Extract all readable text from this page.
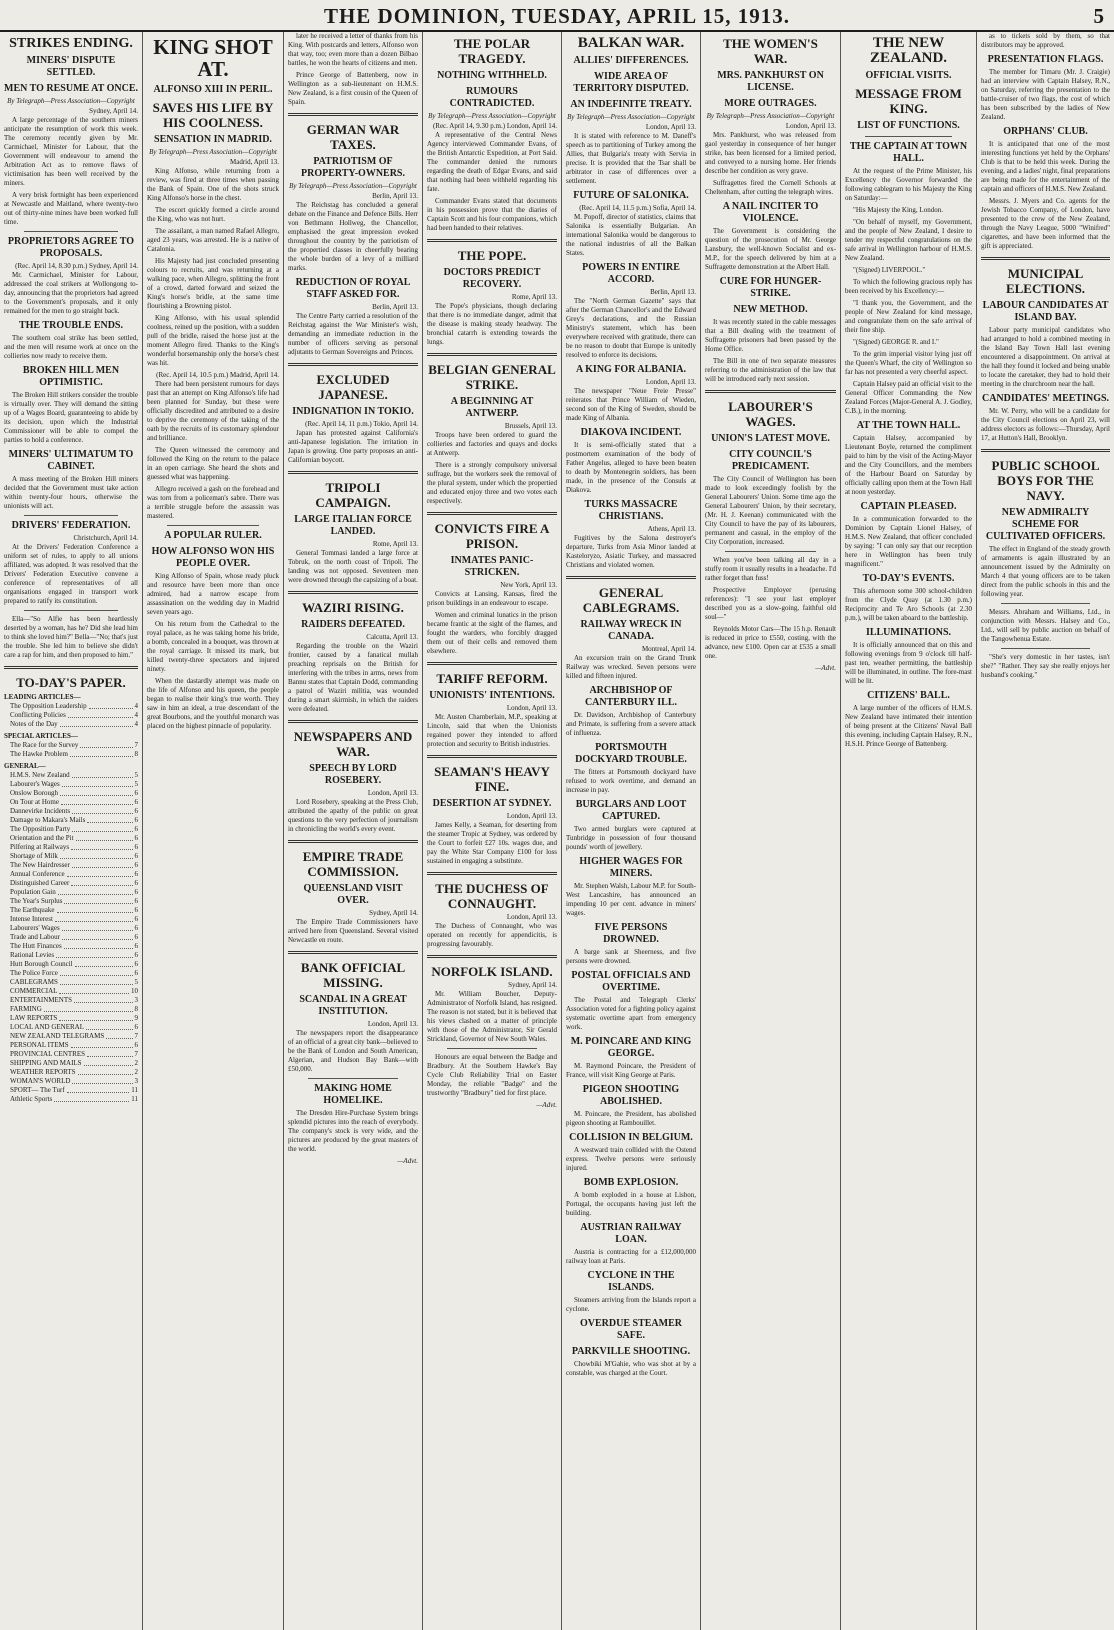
THE DOMINION, TUESDAY, APRIL 15, 1913.	5
STRIKES ENDING.
MINERS' DISPUTE SETTLED.
MEN TO RESUME AT ONCE.
By Telegraph—Press Association—Copyright
Sydney, April 14.

A large percentage of the southern miners anticipate the resumption of work this week. The ceremony recently given by Mr. Carmichael, Minister for Labour, that the Government will endeavour to amend the Arbitration Act as to remove flaws of victimisation has been well received by the miners.

A very brisk fortnight has been experienced at Newcastle and Maitland, where twenty-two out of thirty-nine mines have been worked full time.

PROPRIETORS AGREE TO PROPOSALS.
(Rec. April 14, 8.30 p.m.) Sydney, April 14.

Mr. Carmichael, Minister for Labour, addressed the coal strikers at Wollongong to-day, announcing that the proprietors had agreed to the Government's proposals, and it only remained for the men to go straight back.

THE TROUBLE ENDS.

The southern coal strike has been settled, and the men will resume work at once on the collieries now ready to receive them.

BROKEN HILL MEN OPTIMISTIC.

The Broken Hill strikers consider the trouble is virtually over. They will demand the sitting up of a Wages Board, guaranteeing to abide by its decision, upon which the Industrial Commissioner will be able to compel the parties to hold a conference.

MINERS' ULTIMATUM TO CABINET.

A mass meeting of the Broken Hill miners decided that the Government must take action within twenty-four hours, otherwise the unionists will act.

DRIVERS' FEDERATION.
Christchurch, April 14.

At the Drivers' Federation Conference a uniform set of rules, to apply to all unions affiliated, was adopted. It was resolved that the Drivers' Federation Executive convene a conference of representatives of all organisations engaged in transport work prepared to ratify its constitution.

Ella—"So Alfie has been heartlessly deserted by a woman, has he? Did she lead him to think she loved him?" Bella—"No; that's just the trouble. She led him to believe she didn't care a rap for him, and then proposed to him."

TO-DAY'S PAPER.
LEADING ARTICLES—
The Opposition Leadership	4
Conflicting Policies	4
Notes of the Day	4
SPECIAL ARTICLES—
The Race for the Survey	7
The Hawke Problem	8
GENERAL—
H.M.S. New Zealand	5
Labourer's Wages	5
Onslow Borough	6
On Tour at Home	6
Dannevirke Incidents	6
Damage to Makara's Mails	6
The Opposition Party	6
Orientation and the Pit	6
Pilfering at Railways	6
Shortage of Milk	6
The New Hairdresser	6
Annual Conference	6
Distinguished Career	6
Population Gain	6
The Year's Surplus	6
The Earthquake	6
Intense Interest	6
Labourers' Wages	6
Trade and Labour	6
The Hutt Finances	6
Rational Levies	6
Hutt Borough Council	6
The Police Force	6
CABLEGRAMS	5
COMMERCIAL	10
ENTERTAINMENTS	3
FARMING	8
LAW REPORTS	9
LOCAL AND GENERAL	6
NEW ZEALAND TELEGRAMS	7
PERSONAL ITEMS	6
PROVINCIAL CENTRES	7
SHIPPING AND MAILS	2
WEATHER REPORTS	2
WOMAN'S WORLD	3
SPORT— The Turf	11
Athletic Sports	11
KING SHOT AT.
ALFONSO XIII IN PERIL.
SAVES HIS LIFE BY HIS COOLNESS.
SENSATION IN MADRID.
By Telegraph—Press Association—Copyright
Madrid, April 13.

King Alfonso, while returning from a review, was fired at three times when passing the Bank of Spain. One of the shots struck King Alfonso's horse in the chest.

The escort quickly formed a circle around the King, who was not hurt.

The assailant, a man named Rafael Allegro, aged 23 years, was arrested. He is a native of Catalonia.

His Majesty had just concluded presenting colours to recruits, and was returning at a walking pace, when Allegro, splitting the front of a crowd, darted forward and seized the King's horse's bridle, at the same time flourishing a Browning pistol.

King Alfonso, with his usual splendid coolness, reined up the position, with a sudden pull of the bridle, raised the horse just at the moment Allegro fired. Thanks to the King's wonderful horsemanship only the horse's chest was hit.

(Rec. April 14, 10.5 p.m.) Madrid, April 14.

There had been persistent rumours for days past that an attempt on King Alfonso's life had been planned for Sunday, but these were officially discredited and attributed to a desire to deprive the ceremony of the taking of the oath by the recruits of its customary splendour and brilliance.

The Queen witnessed the ceremony and followed the King on the return to the palace in an open carriage. She heard the shots and guessed what was happening.

Allegro received a gash on the forehead and was torn from a policeman's sabre. There was a terrible struggle before the assassin was mastered.

A POPULAR RULER.
HOW ALFONSO WON HIS PEOPLE OVER.

King Alfonso of Spain, whose ready pluck and resource have been more than once admired, had a narrow escape from assassination on the wedding day in Madrid seven years ago.

On his return from the Cathedral to the royal palace, as he was taking home his bride, a bomb, concealed in a bouquet, was thrown at the royal carriage. It missed its mark, but killed twenty-three spectators and injured ninety.

When the dastardly attempt was made on the life of Alfonso and his queen, the people began to realise their king's true worth. They saw in him an ideal, a true descendant of the great Bourbons, and the youthful monarch was placed on the highest pinnacle of popularity.

later he received a letter of thanks from his King. With postcards and letters, Alfonso won that way, too; even more than a dozen Bilbao battles, he won the hearts of citizens and men.

Prince George of Battenberg, now in Wellington as a sub-lieutenant on H.M.S. New Zealand, is a first cousin of the Queen of Spain.

GERMAN WAR TAXES.
PATRIOTISM OF PROPERTY-OWNERS.
By Telegraph—Press Association—Copyright
Berlin, April 13.

The Reichstag has concluded a general debate on the Finance and Defence Bills. Herr von Bethmann Hollweg, the Chancellor, emphasised the great impression evoked throughout the country by the patriotism of the propertied classes in cheerfully bearing the whole burden of a levy of a milliard marks.

REDUCTION OF ROYAL STAFF ASKED FOR.
Berlin, April 13.

The Centre Party carried a resolution of the Reichstag against the War Minister's wish, demanding an immediate reduction in the number of officers serving as personal adjutants to German Sovereigns and Princes.

EXCLUDED JAPANESE.
INDIGNATION IN TOKIO.
(Rec. April 14, 11 p.m.) Tokio, April 14.

Japan has protested against California's anti-Japanese legislation. The irritation in Japan is growing. One party proposes an anti-Californian boycott.

TRIPOLI CAMPAIGN.
LARGE ITALIAN FORCE LANDED.
Rome, April 13.

General Tommasi landed a large force at Tobruk, on the north coast of Tripoli. The landing was not opposed. Seventeen men were drowned through the capsizing of a boat.

WAZIRI RISING.
RAIDERS DEFEATED.
Calcutta, April 13.

Regarding the trouble on the Waziri frontier, caused by a fanatical mullah preaching reprisals on the British for interfering with the tribes in arms, news from Bannu states that Captain Dodd, commanding a patrol of Waziri militia, was wounded during a smart skirmish, in which the raiders were defeated.

NEWSPAPERS AND WAR.
SPEECH BY LORD ROSEBERY.
London, April 13.

Lord Rosebery, speaking at the Press Club, attributed the apathy of the public on great questions to the very perfection of journalism in chronicling the world's every event.

EMPIRE TRADE COMMISSION.
QUEENSLAND VISIT OVER.
Sydney, April 14.

The Empire Trade Commissioners have arrived here from Queensland. Several visited Newcastle en route.

BANK OFFICIAL MISSING.
SCANDAL IN A GREAT INSTITUTION.
London, April 13.

The newspapers report the disappearance of an official of a great city bank—believed to be the Bank of London and South American, Algerian, and Hudson Bay Bank—with £50,000.

MAKING HOME HOMELIKE.

The Dresden Hire-Purchase System brings splendid pictures into the reach of everybody. The company's stock is very wide, and the pictures are produced by the great masters of the world.

—Advt.
THE POLAR TRAGEDY.
NOTHING WITHHELD.
RUMOURS CONTRADICTED.
By Telegraph—Press Association—Copyright
(Rec. April 14, 9.30 p.m.) London, April 14.

A representative of the Central News Agency interviewed Commander Evans, of the British Antarctic Expedition, at Port Said. The commander denied the rumours regarding the death of Edgar Evans, and said that nothing had been withheld regarding his fate.

Commander Evans stated that documents in his possession prove that the diaries of Captain Scott and his four companions, which had been handed to their relatives.

THE POPE.
DOCTORS PREDICT RECOVERY.
Rome, April 13.

The Pope's physicians, though declaring that there is no immediate danger, admit that the disease is making steady headway. The bronchial catarrh is extending towards the lungs.

BELGIAN GENERAL STRIKE.
A BEGINNING AT ANTWERP.
Brussels, April 13.

Troops have been ordered to guard the collieries and factories and quays and docks at Antwerp.

There is a strongly compulsory universal suffrage, but the workers seek the removal of the plural system, under which the propertied and educated enjoy three and two votes each respectively.

CONVICTS FIRE A PRISON.
INMATES PANIC-STRICKEN.
New York, April 13.

Convicts at Lansing, Kansas, fired the prison buildings in an endeavour to escape.

Women and criminal lunatics in the prison became frantic at the sight of the flames, and fought the warders, who forcibly dragged them out of their cells and removed them elsewhere.

TARIFF REFORM.
UNIONISTS' INTENTIONS.
London, April 13.

Mr. Austen Chamberlain, M.P., speaking at Lincoln, said that when the Unionists regained power they intended to afford protection and security to British industries.

SEAMAN'S HEAVY FINE.
DESERTION AT SYDNEY.
London, April 13.

James Kelly, a Seaman, for deserting from the steamer Tropic at Sydney, was ordered by the Court to forfeit £27 10s. wages due, and pay the White Star Company £100 for loss sustained in engaging a substitute.

THE DUCHESS OF CONNAUGHT.
London, April 13.

The Duchess of Connaught, who was operated on recently for appendicitis, is progressing favourably.

NORFOLK ISLAND.
Sydney, April 14.

Mr. William Boucher, Deputy-Administrator of Norfolk Island, has resigned. The reason is not stated, but it is believed that his views clashed on a matter of principle with those of the Administrator, Sir Gerald Strickland, Governor of New South Wales.

Honours are equal between the Badge and Bradbury. At the Southern Hawke's Bay Cycle Club Reliability Trial on Easter Monday, the reliable "Badge" and the trustworthy "Bradbury" tied for first place.

—Advt.
BALKAN WAR.
ALLIES' DIFFERENCES.
WIDE AREA OF TERRITORY DISPUTED.
AN INDEFINITE TREATY.
By Telegraph—Press Association—Copyright
London, April 13.

It is stated with reference to M. Daneff's speech as to partitioning of Turkey among the Allies, that Bulgaria's treaty with Servia in precise. It is provided that the Tsar shall be arbitrator in case of differences over a settlement.

FUTURE OF SALONIKA.
(Rec. April 14, 11.5 p.m.) Sofia, April 14.

M. Popoff, director of statistics, claims that Salonika is essentially Bulgarian. An international Salonika would be dangerous to the national industries of all the Balkan States.

POWERS IN ENTIRE ACCORD.
Berlin, April 13.

The "North German Gazette" says that after the German Chancellor's and the Edward Grey's declarations, and the Russian Ministry's statement, which has been everywhere received with gratitude, there can be no reason to doubt that Europe is unitedly resolved to enforce its decisions.

A KING FOR ALBANIA.
London, April 13.

The newspaper "Neue Freie Presse" reiterates that Prince William of Wieden, second son of the King of Sweden, should be made King of Albania.

DIAKOVA INCIDENT.

It is semi-officially stated that a postmortem examination of the body of Father Angelus, alleged to have been beaten to death by Montenegrin soldiers, has been made, in the presence of the Consuls at Diakova.

TURKS MASSACRE CHRISTIANS.
Athens, April 13.

Fugitives by the Salona destroyer's departure, Turks from Asia Minor landed at Kasteloryzo, Asiatic Turkey, and massacred Christians and violated women.

GENERAL CABLEGRAMS.
RAILWAY WRECK IN CANADA.
Montreal, April 14.

An excursion train on the Grand Trunk Railway was wrecked. Seven persons were killed and fifteen injured.

ARCHBISHOP OF CANTERBURY ILL.

Dr. Davidson, Archbishop of Canterbury and Primate, is suffering from a severe attack of influenza.

PORTSMOUTH DOCKYARD TROUBLE.

The fitters at Portsmouth dockyard have refused to work overtime, and demand an increase in pay.

BURGLARS AND LOOT CAPTURED.

Two armed burglars were captured at Tunbridge in possession of four thousand pounds' worth of jewellery.

HIGHER WAGES FOR MINERS.

Mr. Stephen Walsh, Labour M.P. for South-West Lancashire, has announced an impending 10 per cent. advance in miners' wages.

FIVE PERSONS DROWNED.

A barge sank at Sheerness, and five persons were drowned.

POSTAL OFFICIALS AND OVERTIME.

The Postal and Telegraph Clerks' Association voted for a fighting policy against systematic overtime apart from emergency work.

M. POINCARE AND KING GEORGE.

M. Raymond Poincare, the President of France, will visit King George at Paris.

PIGEON SHOOTING ABOLISHED.

M. Poincare, the President, has abolished pigeon shooting at Rambouillet.

COLLISION IN BELGIUM.

A westward train collided with the Ostend express. Twelve persons were seriously injured.

BOMB EXPLOSION.

A bomb exploded in a house at Lisbon, Portugal, the occupants having just left the building.

AUSTRIAN RAILWAY LOAN.

Austria is contracting for a £12,000,000 railway loan at Paris.

CYCLONE IN THE ISLANDS.

Steamers arriving from the Islands report a cyclone.

OVERDUE STEAMER SAFE.
PARKVILLE SHOOTING.

Chowbiki M'Gahie, who was shot at by a constable, was charged at the Court.

THE WOMEN'S WAR.
MRS. PANKHURST ON LICENSE.
MORE OUTRAGES.
By Telegraph—Press Association—Copyright
London, April 13.

Mrs. Pankhurst, who was released from gaol yesterday in consequence of her hunger strike, has been licensed for a limited period, and conveyed to a nursing home. Her friends describe her condition as very grave.

Suffragettes fired the Cornell Schools at Cheltenham, after cutting the telegraph wires.

A NAIL INCITER TO VIOLENCE.

The Government is considering the question of the prosecution of Mr. George Lansbury, the well-known Socialist and ex-M.P., for the speech delivered by him at a Suffragette demonstration at the Albert Hall.

CURE FOR HUNGER-STRIKE.
NEW METHOD.

It was recently stated in the cable messages that a Bill dealing with the treatment of Suffragette prisoners had been passed by the Home Office.

The Bill in one of two separate measures referring to the administration of the law that will be introduced early next session.

LABOURER'S WAGES.
UNION'S LATEST MOVE.
CITY COUNCIL'S PREDICAMENT.

The City Council of Wellington has been made to look exceedingly foolish by the General Labourers' Union. Some time ago the General Labourers' Union, by their secretary, (Mr. H. J. Keenan) communicated with the City Council to have the pay of its labourers, permanent and casual, in the employ of the City Corporation, increased.

When you've been talking all day in a stuffy room it usually results in a headache. I'd rather forget than fuss!

Prospective Employer (perusing references): "I see your last employer described you as a slow-going, faithful old soul—"

Reynolds Motor Cars—The 15 h.p. Renault is reduced in price to £550, costing, with the advance, new £100. Open car at £535 a small one.

—Advt.
THE NEW ZEALAND.
OFFICIAL VISITS.
MESSAGE FROM KING.
LIST OF FUNCTIONS.
THE CAPTAIN AT TOWN HALL.

At the request of the Prime Minister, his Excellency the Governor forwarded the following cablegram to his Majesty the King on Saturday:—

"His Majesty the King, London.

"On behalf of myself, my Government, and the people of New Zealand, I desire to tender my respectful congratulations on the safe arrival in Wellington harbour of H.M.S. New Zealand.

"(Signed) LIVERPOOL."

To which the following gracious reply has been received by his Excellency:—

"I thank you, the Government, and the people of New Zealand for kind message, and congratulate them on the safe arrival of their fine ship.

"(Signed) GEORGE R. and I."

To the grim imperial visitor lying just off the Queen's Wharf, the city of Wellington so far has not presented a very cheerful aspect.

Captain Halsey paid an official visit to the General Officer Commanding the New Zealand Forces (Major-General A. J. Godley, C.B.), in the morning.

AT THE TOWN HALL.

Captain Halsey, accompanied by Lieutenant Boyle, returned the compliment paid to him by the visit of the Acting-Mayor and the City Councillors, and the members of the Harbour Board on Saturday by officially calling upon them at the Town Hall at noon yesterday.

CAPTAIN PLEASED.

In a communication forwarded to the Dominion by Captain Lionel Halsey, of H.M.S. New Zealand, that officer concluded by saying: "I can only say that our reception here in Wellington has been truly magnificent."

TO-DAY'S EVENTS.

This afternoon some 300 school-children from the Clyde Quay (at 1.30 p.m.) Reciprocity and Te Aro Schools (at 2.30 p.m.), will be taken aboard to the battleship.

ILLUMINATIONS.

It is officially announced that on this and following evenings from 9 o'clock till half-past ten, weather permitting, the battleship will be illuminated, in outline. The fore-mast will be lit.

CITIZENS' BALL.

A large number of the officers of H.M.S. New Zealand have intimated their intention of being present at the Citizens' Naval Ball this evening, including Captain Halsey, R.N., H.S.H. Prince George of Battenberg.

as to tickets sold by them, so that distributors may be approved.

PRESENTATION FLAGS.

The member for Timaru (Mr. J. Craigie) had an interview with Captain Halsey, R.N., on Saturday, referring the presentation to the battle-cruiser of two flags, the cost of which has been subscribed by the ladies of New Zealand.

ORPHANS' CLUB.

It is anticipated that one of the most interesting functions yet held by the Orphans' Club is that to be held this week. During the evening, and a ladies' night, final preparations are being made for the entertainment of the captain and officers of H.M.S. New Zealand.

Messrs. J. Myers and Co. agents for the Jewish Tobacco Company, of London, have presented to the crew of the New Zealand, through the Navy League, 5000 "Winifred" cigarettes, and have been informed that the gift is appreciated.

MUNICIPAL ELECTIONS.
LABOUR CANDIDATES AT ISLAND BAY.

Labour party municipal candidates who had arranged to hold a combined meeting in the Island Bay Town Hall last evening encountered a disappointment. On arrival at the hall they found it locked and being unable to locate the caretaker, they had to hold their meeting in the churchroom near the hall.

CANDIDATES' MEETINGS.

Mr. W. Perry, who will be a candidate for the City Council elections on April 23, will address electors as follows:—Thursday, April 17, at Hutton's Hall, Brooklyn.

PUBLIC SCHOOL BOYS FOR THE NAVY.
NEW ADMIRALTY SCHEME FOR CULTIVATED OFFICERS.

The effect in England of the steady growth of armaments is again illustrated by an announcement issued by the Admiralty on March 4 that young officers are to be taken direct from the public schools in this and the following year.

Messrs. Abraham and Williams, Ltd., in conjunction with Messrs. Halsey and Co., Ltd., will sell by public auction on behalf of the Tangowhenua Estate.

"She's very domestic in her tastes, isn't she?" "Rather. They say she really enjoys her husband's cooking."
